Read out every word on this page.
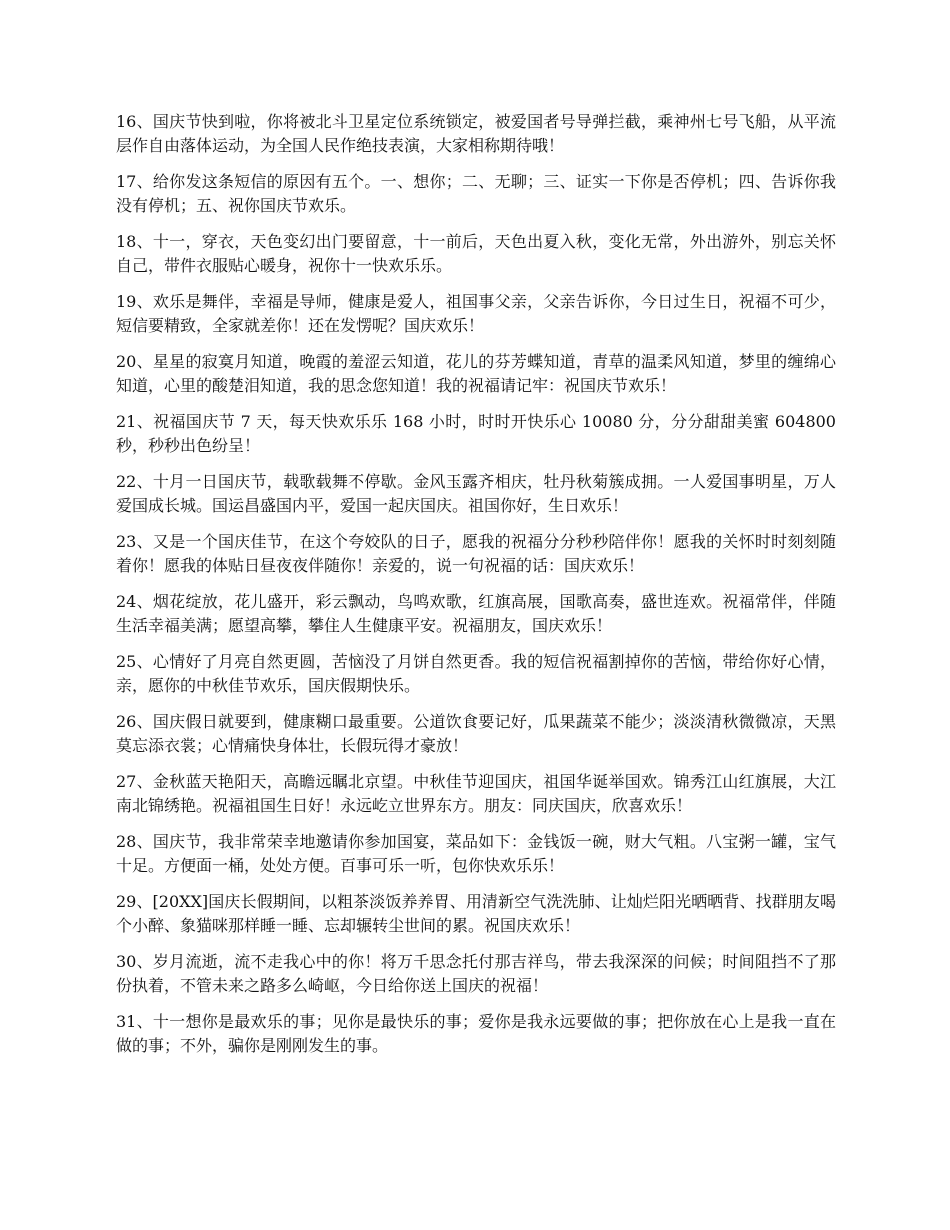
16、国庆节快到啦，你将被北斗卫星定位系统锁定，被爱国者号导弹拦截，乘神州七号飞船，从平流层作自由落体运动，为全国人民作绝技表演，大家相称期待哦！

17、给你发这条短信的原因有五个。一、想你；二、无聊；三、证实一下你是否停机；四、告诉你我没有停机；五、祝你国庆节欢乐。

18、十一，穿衣，天色变幻出门要留意，十一前后，天色出夏入秋，变化无常，外出游外，别忘关怀自己，带件衣服贴心暖身，祝你十一快欢乐乐。

19、欢乐是舞伴，幸福是导师，健康是爱人，祖国事父亲，父亲告诉你，今日过生日，祝福不可少，短信要精致，全家就差你！还在发愣呢？国庆欢乐！

20、星星的寂寞月知道，晚霞的羞涩云知道，花儿的芬芳蝶知道，青草的温柔风知道，梦里的缠绵心知道，心里的酸楚泪知道，我的思念您知道！我的祝福请记牢：祝国庆节欢乐！

21、祝福国庆节 7 天，每天快欢乐乐 168 小时，时时开快乐心 10080 分，分分甜甜美蜜 604800 秒，秒秒出色纷呈！

22、十月一日国庆节，载歌载舞不停歇。金风玉露齐相庆，牡丹秋菊簇成拥。一人爱国事明星，万人爱国成长城。国运昌盛国内平，爱国一起庆国庆。祖国你好，生日欢乐！

23、又是一个国庆佳节，在这个夸姣队的日子，愿我的祝福分分秒秒陪伴你！愿我的关怀时时刻刻随着你！愿我的体贴日昼夜夜伴随你！亲爱的，说一句祝福的话：国庆欢乐！

24、烟花绽放，花儿盛开，彩云飘动，鸟鸣欢歌，红旗高展，国歌高奏，盛世连欢。祝福常伴，伴随生活幸福美满；愿望高攀，攀住人生健康平安。祝福朋友，国庆欢乐！

25、心情好了月亮自然更圆，苦恼没了月饼自然更香。我的短信祝福割掉你的苦恼，带给你好心情，亲，愿你的中秋佳节欢乐，国庆假期快乐。

26、国庆假日就要到，健康糊口最重要。公道饮食要记好，瓜果蔬菜不能少；淡淡清秋微微凉，天黑莫忘添衣裳；心情痛快身体壮，长假玩得才豪放！

27、金秋蓝天艳阳天，高瞻远瞩北京望。中秋佳节迎国庆，祖国华诞举国欢。锦秀江山红旗展，大江南北锦绣艳。祝福祖国生日好！永远屹立世界东方。朋友：同庆国庆，欣喜欢乐！

28、国庆节，我非常荣幸地邀请你参加国宴，菜品如下：金钱饭一碗，财大气粗。八宝粥一罐，宝气十足。方便面一桶，处处方便。百事可乐一听，包你快欢乐乐！

29、[20XX]国庆长假期间，以粗茶淡饭养养胃、用清新空气洗洗肺、让灿烂阳光晒晒背、找群朋友喝个小醉、象猫咪那样睡一睡、忘却辗转尘世间的累。祝国庆欢乐！

30、岁月流逝，流不走我心中的你！将万千思念托付那吉祥鸟，带去我深深的问候；时间阻挡不了那份执着，不管未来之路多么崎岖，今日给你送上国庆的祝福！

31、十一想你是最欢乐的事；见你是最快乐的事；爱你是我永远要做的事；把你放在心上是我一直在做的事；不外，骗你是刚刚发生的事。
